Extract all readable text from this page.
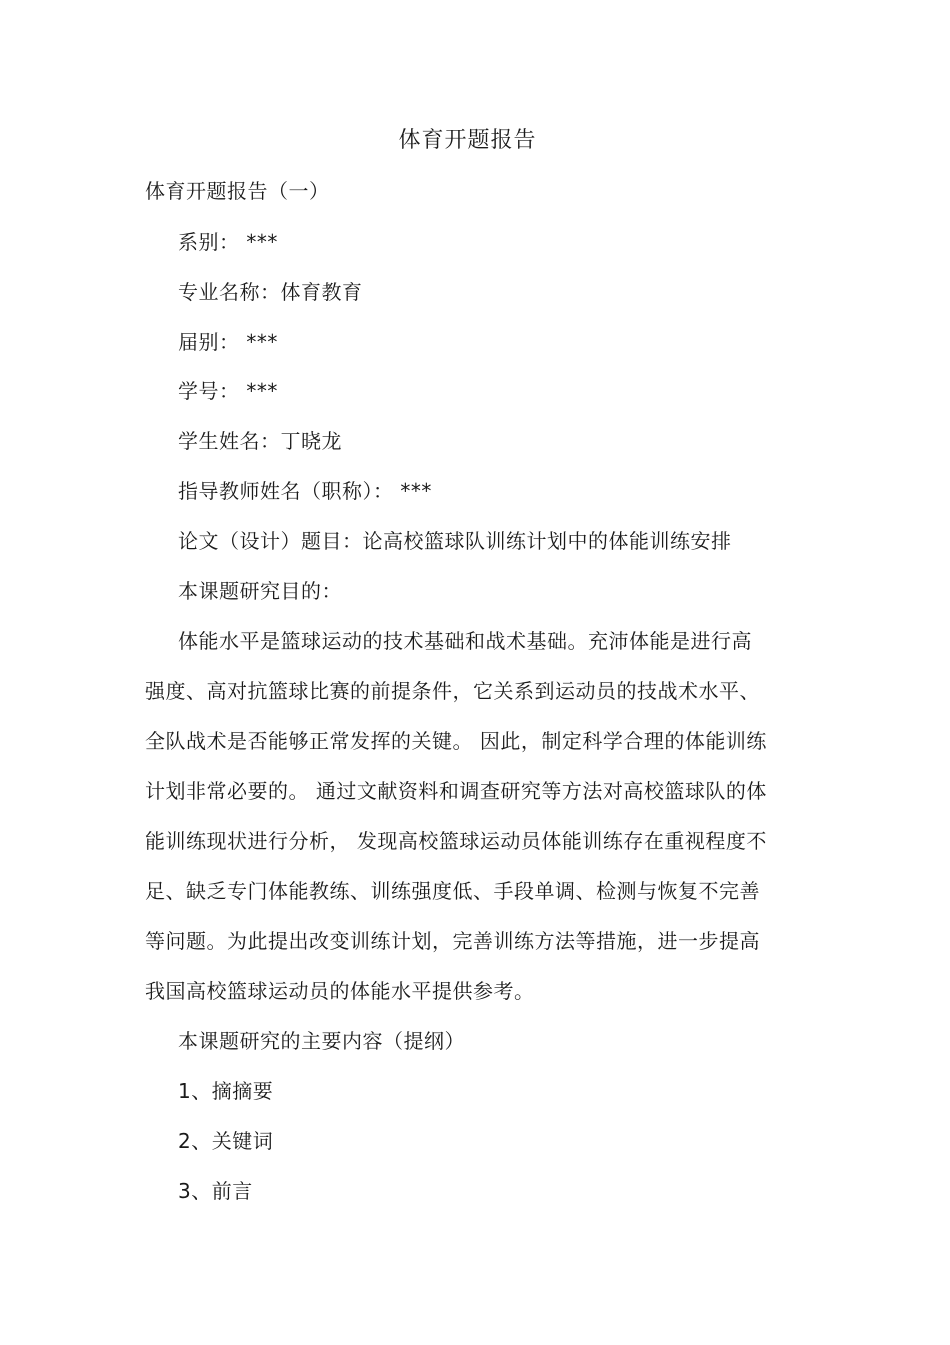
体育开题报告
体育开题报告（一）
系别： ***
专业名称：体育教育
届别： ***
学号： ***
学生姓名：丁晓龙
指导教师姓名（职称）： ***
论文（设计）题目：论高校篮球队训练计划中的体能训练安排
本课题研究目的：
体能水平是篮球运动的技术基础和战术基础。充沛体能是进行高
强度、高对抗篮球比赛的前提条件，它关系到运动员的技战术水平、
全队战术是否能够正常发挥的关键。 因此，制定科学合理的体能训练
计划非常必要的。 通过文献资料和调查研究等方法对高校篮球队的体
能训练现状进行分析， 发现高校篮球运动员体能训练存在重视程度不
足、缺乏专门体能教练、训练强度低、手段单调、检测与恢复不完善
等问题。为此提出改变训练计划，完善训练方法等措施，进一步提高
我国高校篮球运动员的体能水平提供参考。
本课题研究的主要内容（提纲）
1、摘摘要
2、关键词
3、前言
